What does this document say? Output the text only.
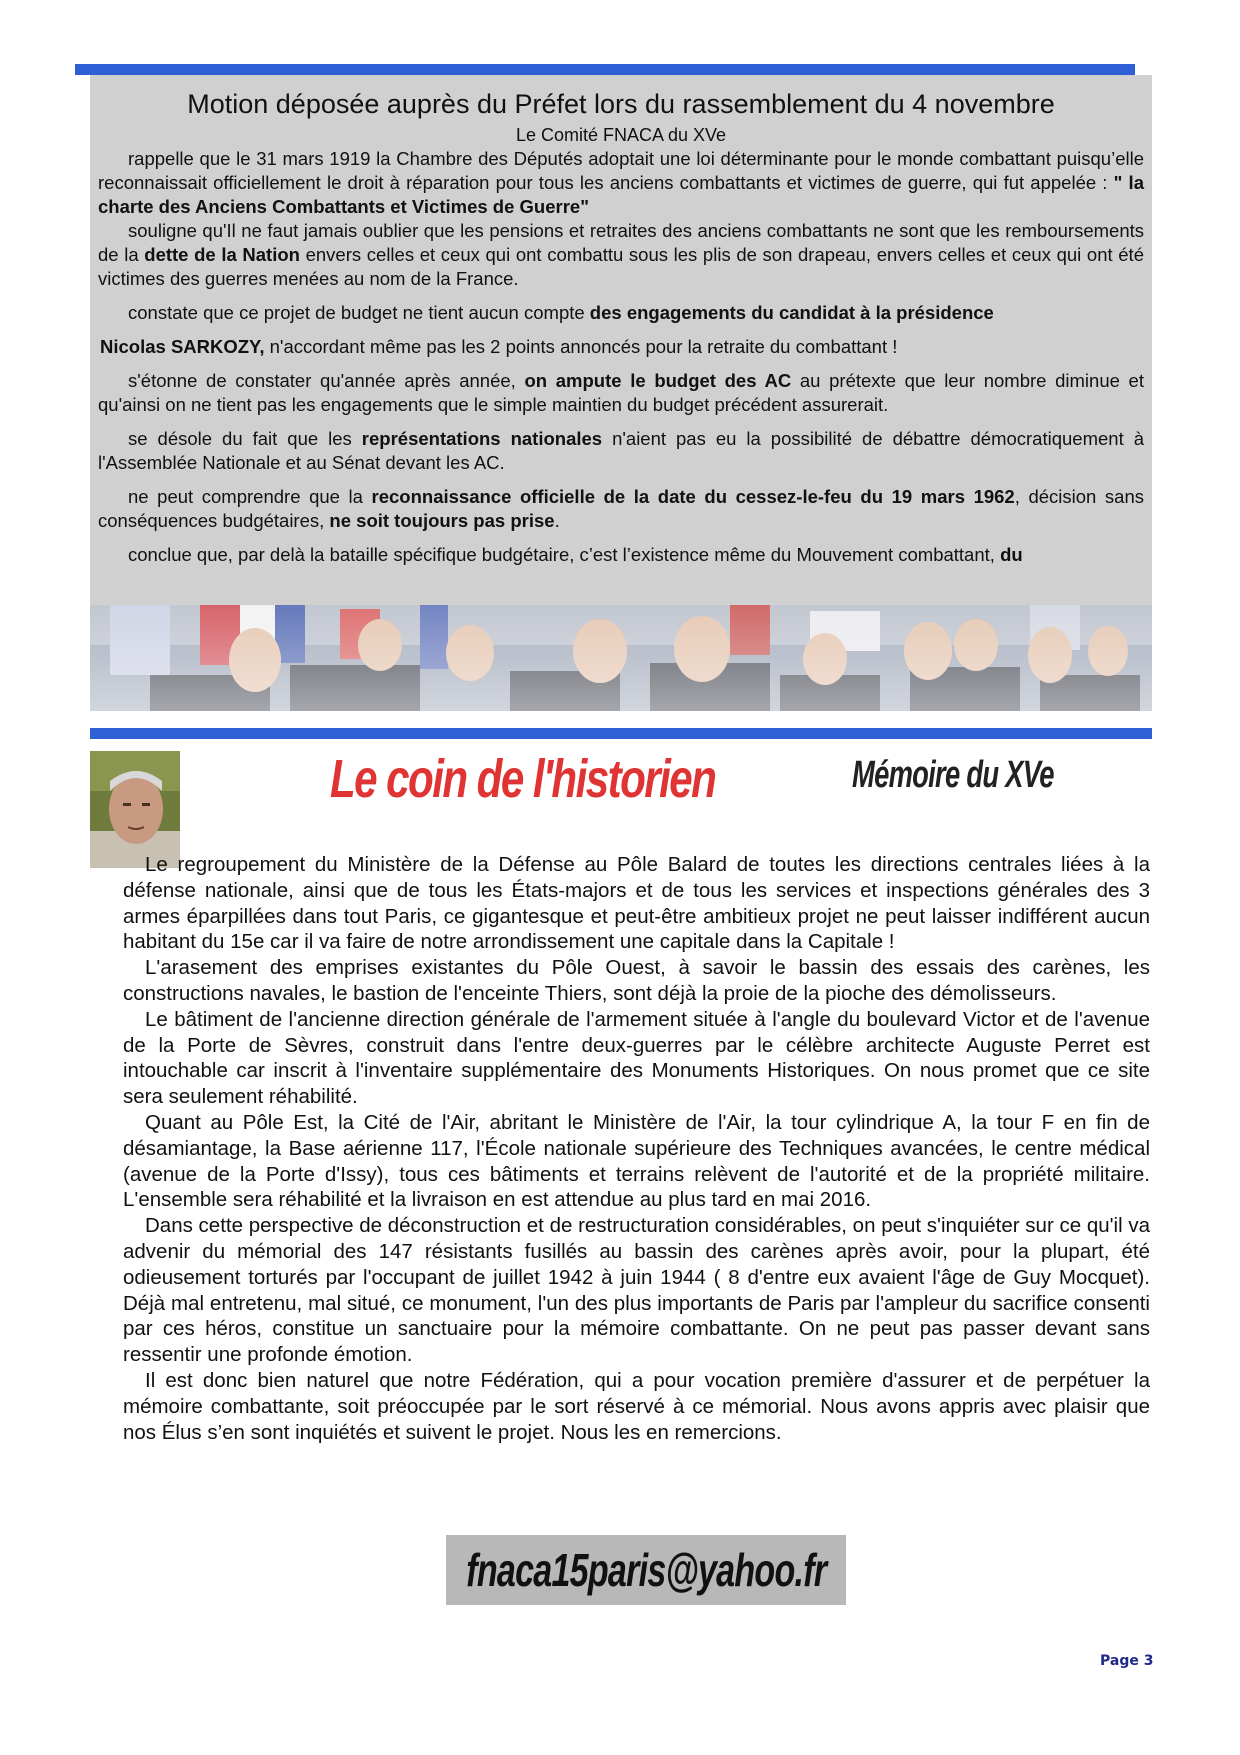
Motion déposée auprès du Préfet lors du rassemblement du 4 novembre
Le Comité FNACA du XVe

rappelle que le 31 mars 1919 la Chambre des Députés adoptait une loi déterminante pour le monde combattant puisqu’elle reconnaissait officiellement le droit à réparation pour tous les anciens combattants et victimes de guerre, qui fut appelée : " la charte des Anciens Combattants et Victimes de Guerre"

souligne qu'Il ne faut jamais oublier que les pensions et retraites des anciens combattants ne sont que les remboursements de la dette de la Nation envers celles et ceux qui ont combattu sous les plis de son drapeau, envers celles et ceux qui ont été victimes des guerres menées au nom de la France.

constate que ce projet de budget ne tient aucun compte des engagements du candidat à la présidence

Nicolas SARKOZY, n'accordant même pas les 2 points annoncés pour la retraite du combattant !

s'étonne de constater qu'année après année, on ampute le budget des AC au prétexte que leur nombre diminue et qu'ainsi on ne tient pas les engagements que le simple maintien du budget précédent assurerait.

se désole du fait que les représentations nationales n'aient pas eu la possibilité de débattre démocratiquement à l'Assemblée Nationale et au Sénat devant les AC.

ne peut comprendre que la reconnaissance officielle de la date du cessez-le-feu du 19 mars 1962, décision sans conséquences budgétaires, ne soit toujours pas prise.

conclue que, par delà la bataille spécifique budgétaire, c’est l’existence même du Mouvement combattant, du

Le coin de l'historien	Mémoire du XVe

Le regroupement du Ministère de la Défense au Pôle Balard de toutes les directions centrales liées à la défense nationale, ainsi que de tous les États-majors et de tous les services et inspections générales des 3 armes éparpillées dans tout Paris, ce gigantesque et peut-être ambitieux projet ne peut laisser indifférent aucun habitant du 15e car il va faire de notre arrondissement une capitale dans la Capitale !

L'arasement des emprises existantes du Pôle Ouest, à savoir le bassin des essais des carènes, les constructions navales, le bastion de l'enceinte Thiers, sont déjà la proie de la pioche des démolisseurs.

Le bâtiment de l'ancienne direction générale de l'armement située à l'angle du boulevard Victor et de l'avenue de la Porte de Sèvres, construit dans l'entre deux-guerres par le célèbre architecte Auguste Perret est intouchable car inscrit à l'inventaire supplémentaire des Monuments Historiques. On nous promet que ce site sera seulement réhabilité.

Quant au Pôle Est, la Cité de l'Air, abritant le Ministère de l'Air, la tour cylindrique A, la tour F en fin de désamiantage, la Base aérienne 117, l'École nationale supérieure des Techniques avancées, le centre médical (avenue de la Porte d'Issy), tous ces bâtiments et terrains relèvent de l'autorité et de la propriété militaire. L'ensemble sera réhabilité et la livraison en est attendue au plus tard en mai 2016.

Dans cette perspective de déconstruction et de restructuration considérables, on peut s'inquiéter sur ce qu'il va advenir du mémorial des 147 résistants fusillés au bassin des carènes après avoir, pour la plupart, été odieusement torturés par l'occupant de juillet 1942 à juin 1944 ( 8 d'entre eux avaient l'âge de Guy Mocquet). Déjà mal entretenu, mal situé, ce monument, l'un des plus importants de Paris par l'ampleur du sacrifice consenti par ces héros, constitue un sanctuaire pour la mémoire combattante. On ne peut pas passer devant sans ressentir une profonde émotion.

Il est donc bien naturel que notre Fédération, qui a pour vocation première d'assurer et de perpétuer la mémoire combattante, soit préoccupée par le sort réservé à ce mémorial. Nous avons appris avec plaisir que nos Élus s’en sont inquiétés et suivent le projet. Nous les en remercions.

fnaca15paris@yahoo.fr
Page 3
